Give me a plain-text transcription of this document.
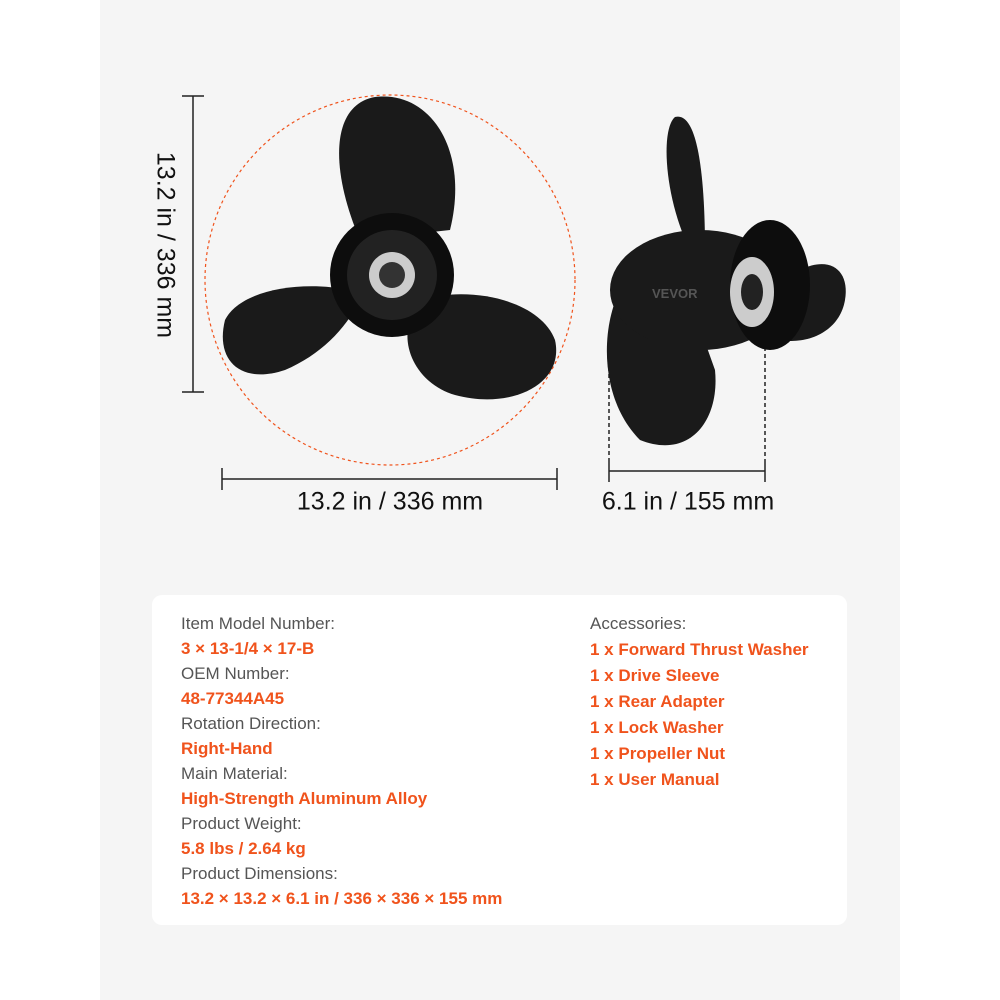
VEVOR
13.2 in / 336 mm
13.2 in / 336 mm	6.1 in / 155 mm
Item Model Number:
3 × 13-1/4 × 17-B
OEM Number:
48-77344A45
Rotation Direction:
Right-Hand
Main Material:
High-Strength Aluminum Alloy
Product Weight:
5.8 lbs / 2.64 kg
Product Dimensions:
13.2 × 13.2 × 6.1 in / 336 × 336 × 155 mm
Accessories:
1 x Forward Thrust Washer
1 x Drive Sleeve
1 x Rear Adapter
1 x Lock Washer
1 x Propeller Nut
1 x User Manual
